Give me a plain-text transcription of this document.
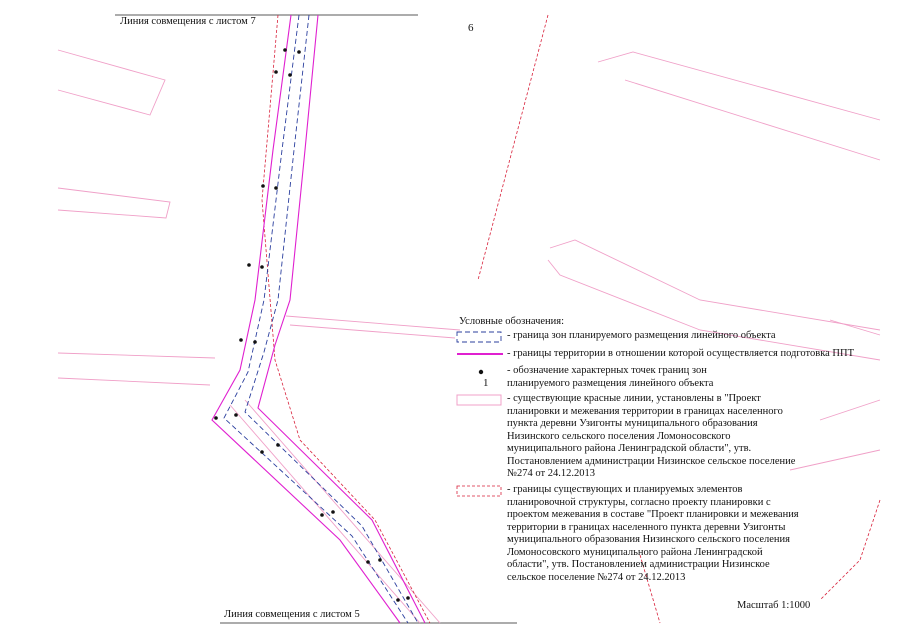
Линия совмещения с листом 7
6
Линия совмещения с листом 5
Масштаб 1:1000
Условные обозначения:
- граница зон планируемого размещения линейного объекта
- границы территории в отношении которой осуществляется подготовка ППТ
1
- обозначение характерных точек границ зон
планируемого размещения линейного объекта
- существующие красные линии, установлены в "Проект
планировки и межевания территории в границах населенного
пункта деревни Узигонты муниципального образования
Низинского сельского поселения Ломоносовского
муниципального района Ленинградской области", утв.
Постановлением администрации Низинское сельское поселение
№274 от 24.12.2013
- границы существующих и планируемых элементов
планировочной структуры, согласно проекту планировки с
проектом межевания в составе "Проект планировки и межевания
территории в границах населенного пункта деревни Узигонты
муниципального образования Низинского сельского поселения
Ломоносовского муниципального района Ленинградской
области", утв. Постановлением администрации Низинское
сельское поселение №274 от 24.12.2013
